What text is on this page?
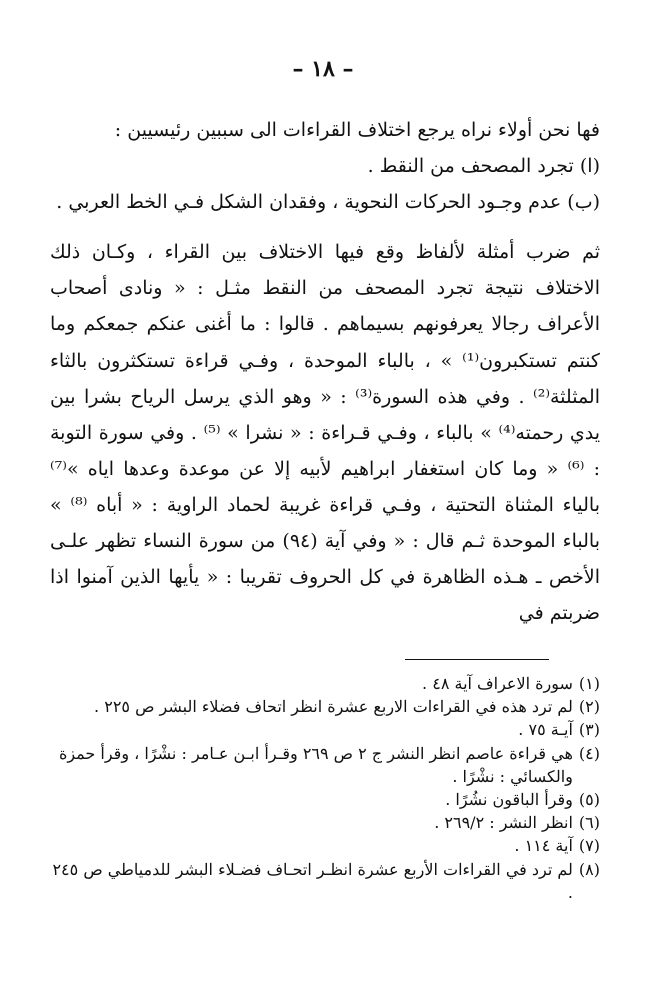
– ١٨ –

فها نحن أولاء نراه يرجع اختلاف القراءات الى سببين رئيسيين :

(ا) تجرد المصحف من النقط .

(ب) عدم وجـود الحركات النحوية ، وفقدان الشكل فـي الخط العربي .

ثم ضرب أمثلة لألفاظ وقع فيها الاختلاف بين القراء ، وكـان ذلك الاختلاف نتيجة تجرد المصحف من النقط مثـل : « ونادى أصحاب الأعراف رجالا يعرفونهم بسيماهم . قالوا : ما أغنى عنكم جمعكم وما كنتم تستكبرون⁽¹⁾ » ، بالباء الموحدة ، وفـي قراءة تستكثرون بالثاء المثلثة⁽²⁾ . وفي هذه السورة⁽³⁾ : « وهو الذي يرسل الرياح بشرا بين يدي رحمته⁽⁴⁾ » بالباء ، وفـي قـراءة : « نشرا » ⁽⁵⁾ . وفي سورة التوبة : ⁽⁶⁾ « وما كان استغفار ابراهيم لأبيه إلا عن موعدة وعدها اياه »⁽⁷⁾ بالياء المثناة التحتية ، وفـي قراءة غريبة لحماد الراوية : « أباه ⁽⁸⁾ » بالباء الموحدة ثـم قال : « وفي آية (٩٤) من سورة النساء تظهر علـى الأخص ـ هـذه الظاهرة في كل الحروف تقريبا : « يأيها الذين آمنوا اذا ضربتم في

(١)
سورة الاعراف آية ٤٨ .
(٢)
لم ترد هذه في القراءات الاربع عشرة انظر اتحاف فضلاء البشر ص ٢٢٥ .
(٣)
آيـة ٧٥ .
(٤)
هي قراءة عاصم انظر النشر ج ٢ ص ٢٦٩ وقـرأ ابـن عـامر : نشْرًا ، وقرأ حمزة والكسائي : نشْرًا .
(٥)
وقرأ الباقون نشُرًا .
(٦)
انظر النشر : ٢٦٩/٢ .
(٧)
آية ١١٤ .
(٨)
لم ترد في القراءات الأربع عشرة انظـر اتحـاف فضـلاء البشر للدمياطي ص ٢٤٥ .
